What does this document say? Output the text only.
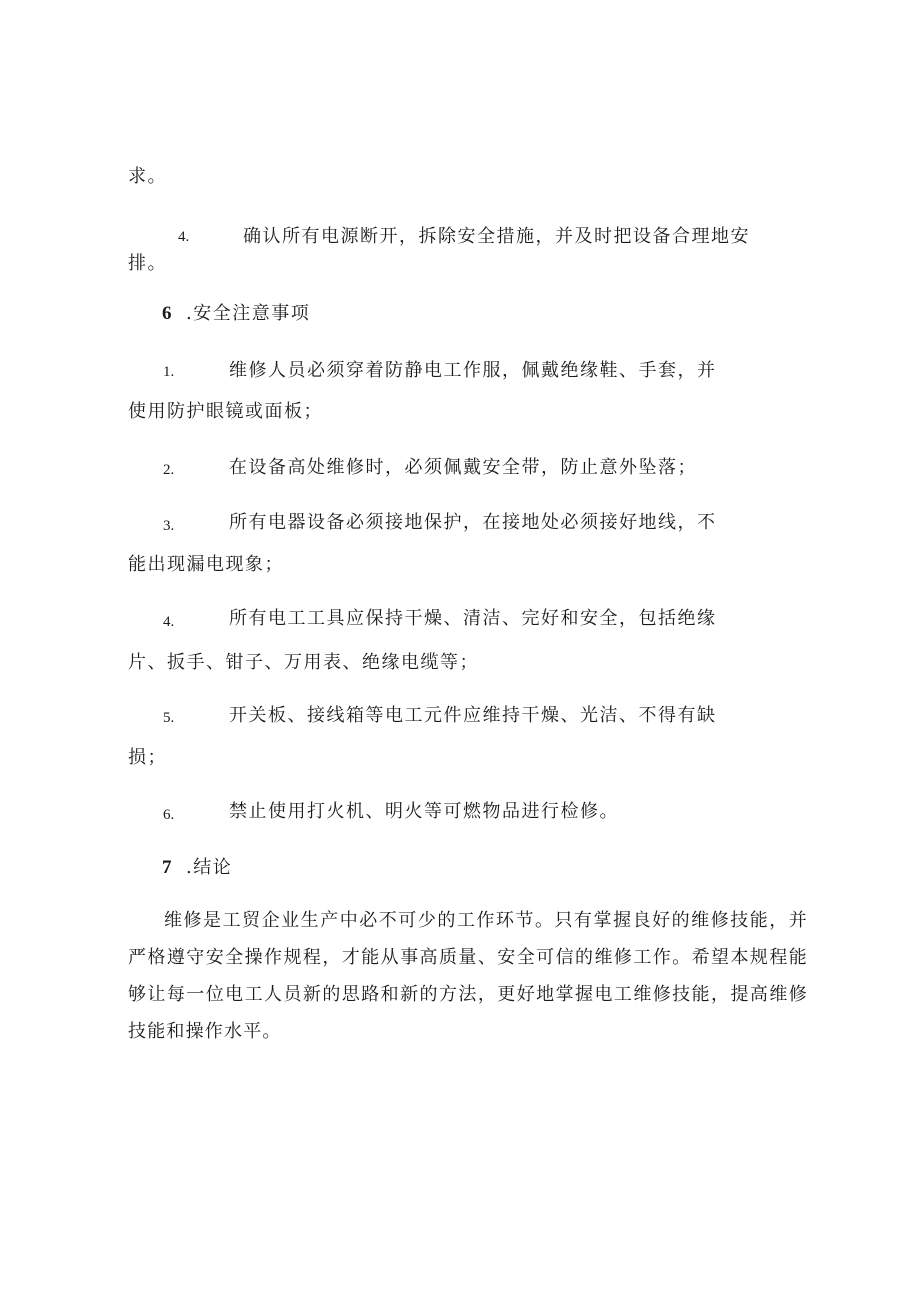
求。
4.	确认所有电源断开，拆除安全措施，并及时把设备合理地安
排。
6 .安全注意事项
1.	维修人员必须穿着防静电工作服，佩戴绝缘鞋、手套，并
使用防护眼镜或面板；
2.	在设备高处维修时，必须佩戴安全带，防止意外坠落；
3.	所有电器设备必须接地保护，在接地处必须接好地线，不
能出现漏电现象；
4.	所有电工工具应保持干燥、清洁、完好和安全，包括绝缘
片、扳手、钳子、万用表、绝缘电缆等；
5.	开关板、接线箱等电工元件应维持干燥、光洁、不得有缺
损；
6.	禁止使用打火机、明火等可燃物品进行检修。
7 .结论
维修是工贸企业生产中必不可少的工作环节。只有掌握良好的维修技能，并严格遵守安全操作规程，才能从事高质量、安全可信的维修工作。希望本规程能够让每一位电工人员新的思路和新的方法，更好地掌握电工维修技能，提高维修技能和操作水平。
